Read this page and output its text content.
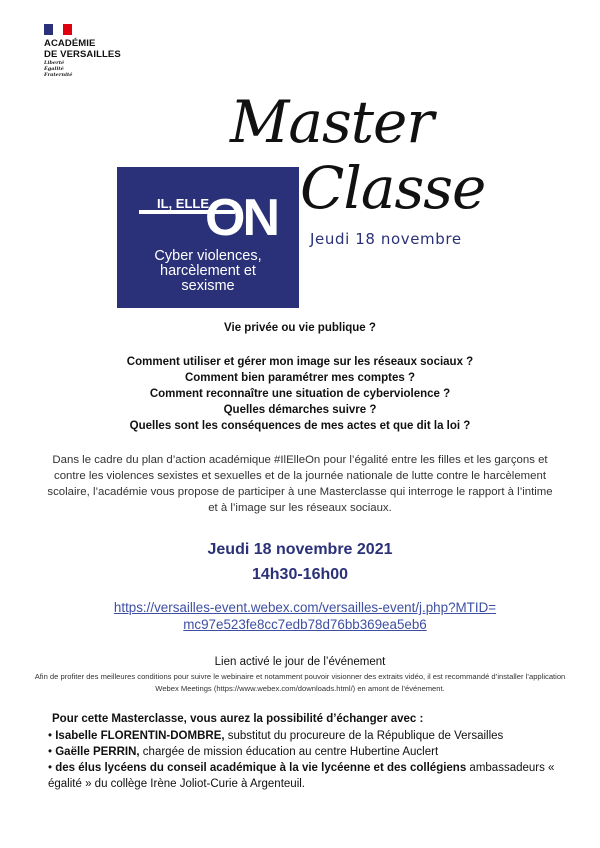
ACADÉMIE
DE VERSAILLES
Liberté
Égalité
Fraternité
Master
Classe
Jeudi 18 novembre
IL, ELLE
ON
Cyber violences,
harcèlement et
sexisme
Vie privée ou vie publique ?
Comment utiliser et gérer mon image sur les réseaux sociaux ?
Comment bien paramétrer mes comptes ?
Comment reconnaître une situation de cyberviolence ?
Quelles démarches suivre ?
Quelles sont les conséquences de mes actes et que dit la loi ?
Dans le cadre du plan d’action académique #IlElleOn pour l’égalité entre les filles et les garçons et contre les violences sexistes et sexuelles et de la journée nationale de lutte contre le harcèlement scolaire, l’académie vous propose de participer à une Masterclasse qui interroge le rapport à l’intime et à l’image sur les réseaux sociaux.
Jeudi 18 novembre 2021
14h30-16h00
https://versailles-event.webex.com/versailles-event/j.php?MTID=mc97e523fe8cc7edb78d76bb369ea5eb6
Lien activé le jour de l’événement
Afin de profiter des meilleures conditions pour suivre le webinaire et notamment pouvoir visionner des extraits vidéo, il est recommandé d’installer l’application Webex Meetings (https://www.webex.com/downloads.html/) en amont de l’événement.
Pour cette Masterclasse, vous aurez la possibilité d’échanger avec :
• Isabelle FLORENTIN-DOMBRE, substitut du procureure de la République de Versailles
• Gaëlle PERRIN, chargée de mission éducation au centre Hubertine Auclert
• des élus lycéens du conseil académique à la vie lycéenne et des collégiens ambassadeurs « égalité » du collège Irène Joliot-Curie à Argenteuil.
